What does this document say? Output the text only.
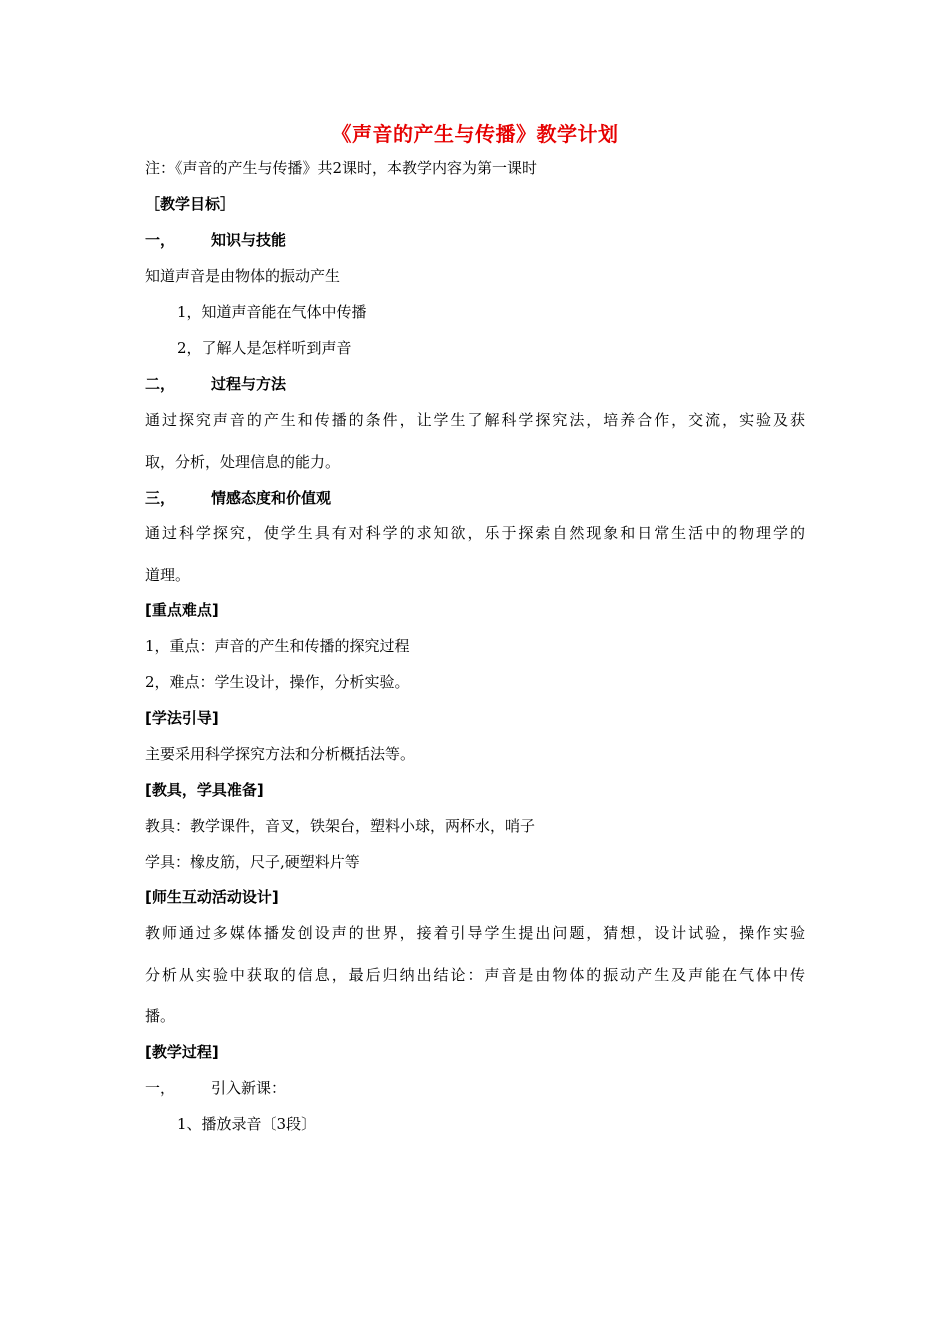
《声音的产生与传播》教学计划
注：《声音的产生与传播》共2课时，本教学内容为第一课时
［教学目标］
一， 知识与技能
知道声音是由物体的振动产生
1，知道声音能在气体中传播
2，了解人是怎样听到声音
二， 过程与方法
通过探究声音的产生和传播的条件，让学生了解科学探究法，培养合作，交流，实验及获
取，分析，处理信息的能力。
三， 情感态度和价值观
通过科学探究，使学生具有对科学的求知欲，乐于探索自然现象和日常生活中的物理学的
道理。
[重点难点]
1，重点：声音的产生和传播的探究过程
2，难点：学生设计，操作，分析实验。
[学法引导]
主要采用科学探究方法和分析概括法等。
[教具，学具准备]
教具：教学课件，音叉，铁架台，塑料小球，两杯水，哨子
学具：橡皮筋，尺子,硬塑料片等
[师生互动活动设计]
教师通过多媒体播发创设声的世界，接着引导学生提出问题，猜想，设计试验，操作实验
分析从实验中获取的信息，最后归纳出结论：声音是由物体的振动产生及声能在气体中传
播。
[教学过程]
一， 引入新课：
1、播放录音〔3段〕
